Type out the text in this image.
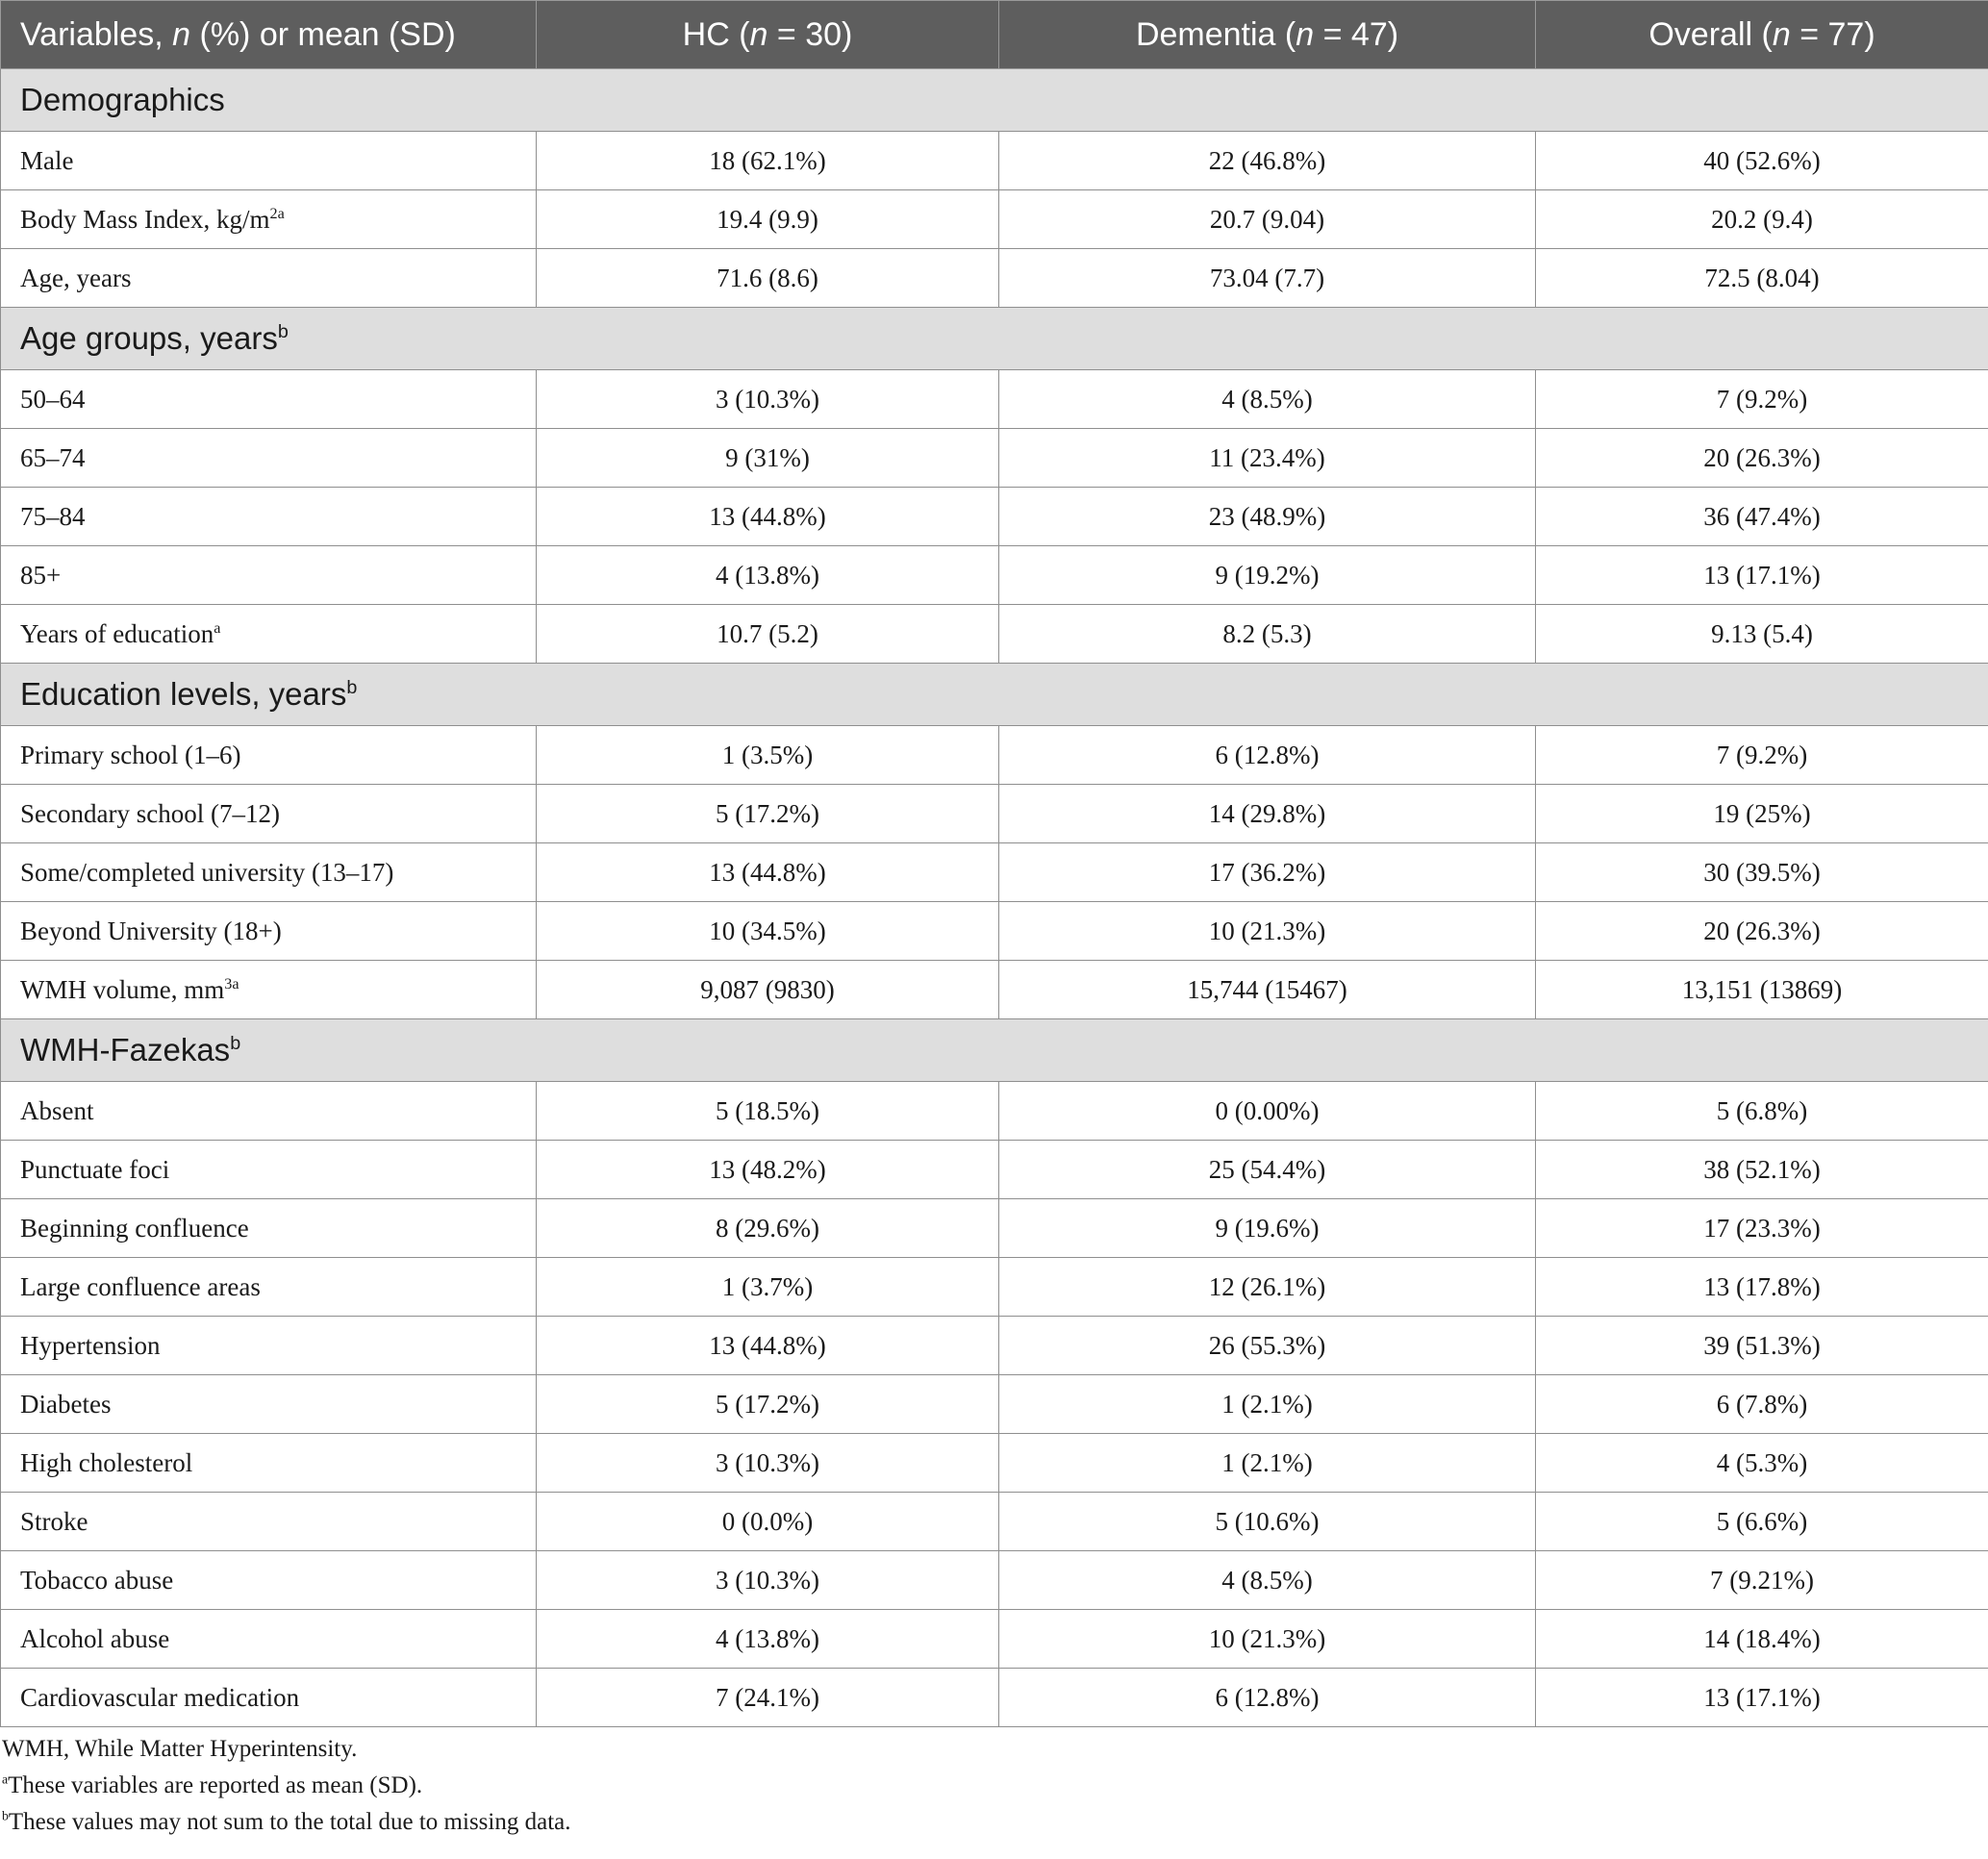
Variables, n (%) or mean (SD)	HC (n = 30)	Dementia (n = 47)	Overall (n = 77)
Demographics			
Male	18 (62.1%)	22 (46.8%)	40 (52.6%)
Body Mass Index, $kg/m^{2a}$	19.4 (9.9)	20.7 (9.04)	20.2 (9.4)
Age, years	71.6 (8.6)	73.04 (7.7)	72.5 (8.04)
Age groups, years$^b$
50–64	3 (10.3%)	4 (8.5%)	7 (9.2%)
65–74	9 (31%)	11 (23.4%)	20 (26.3%)
75–84	13 (44.8%)	23 (48.9%)	36 (47.4%)
85+	4 (13.8%)	9 (19.2%)	13 (17.1%)
Years of education$^a$	10.7 (5.2)	8.2 (5.3)	9.13 (5.4)
Education levels, years$^b$
Primary school (1–6)	1 (3.5%)	6 (12.8%)	7 (9.2%)
Secondary school (7–12)	5 (17.2%)	14 (29.8%)	19 (25%)
Some/completed university (13–17)	13 (44.8%)	17 (36.2%)	30 (39.5%)
Beyond University (18+)	10 (34.5%)	10 (21.3%)	20 (26.3%)
WMH volume, $mm^{3a}$	9,087 (9830)	15,744 (15467)	13,151 (13869)
WMH-Fazekas$^b$
Absent	5 (18.5%)	0 (0.00%)	5 (6.8%)
Punctuate foci	13 (48.2%)	25 (54.4%)	38 (52.1%)
Beginning confluence	8 (29.6%)	9 (19.6%)	17 (23.3%)
Large confluence areas	1 (3.7%)	12 (26.1%)	13 (17.8%)
Hypertension	13 (44.8%)	26 (55.3%)	39 (51.3%)
Diabetes	5 (17.2%)	1 (2.1%)	6 (7.8%)
High cholesterol	3 (10.3%)	1 (2.1%)	4 (5.3%)
Stroke	0 (0.0%)	5 (10.6%)	5 (6.6%)
Tobacco abuse	3 (10.3%)	4 (8.5%)	7 (9.21%)
Alcohol abuse	4 (13.8%)	10 (21.3%)	14 (18.4%)
Cardiovascular medication	7 (24.1%)	6 (12.8%)	13 (17.1%)
WMH, While Matter Hyperintensity.
$^a$These variables are reported as mean (SD).
$^b$These values may not sum to the total due to missing data.
